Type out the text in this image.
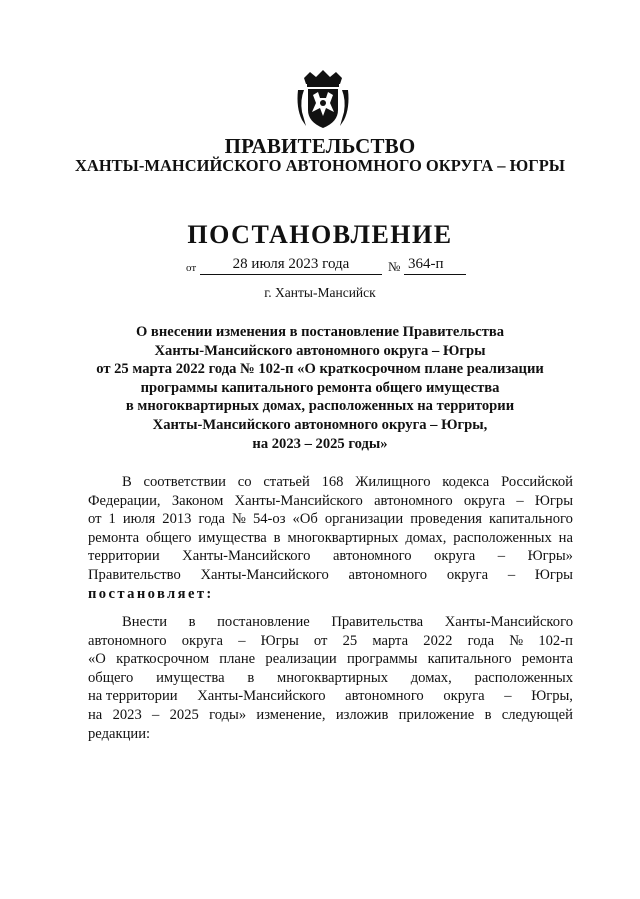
ПРАВИТЕЛЬСТВО
ХАНТЫ-МАНСИЙСКОГО АВТОНОМНОГО ОКРУГА – ЮГРЫ
ПОСТАНОВЛЕНИЕ
от	28 июля 2023 года	№ 364-п
г. Ханты-Мансийск
О внесении изменения в постановление Правительства
Ханты-Мансийского автономного округа – Югры
от 25 марта 2022 года № 102-п «О краткосрочном плане реализации
программы капитального ремонта общего имущества
в многоквартирных домах, расположенных на территории
Ханты-Мансийского автономного округа – Югры,
на 2023 – 2025 годы»
В соответствии со статьей 168 Жилищного кодекса Российской
Федерации, Законом Ханты-Мансийского автономного округа – Югры
от 1 июля 2013 года № 54-оз «Об организации проведения капитального
ремонта общего имущества в многоквартирных домах, расположенных на
территории Ханты-Мансийского автономного округа – Югры»
Правительство Ханты-Мансийского автономного округа – Югры
постановляет:
Внести в постановление Правительства Ханты-Мансийского
автономного округа – Югры от 25 марта 2022 года № 102-п
«О краткосрочном плане реализации программы капитального ремонта
общего имущества в многоквартирных домах, расположенных
на территории Ханты-Мансийского автономного округа – Югры,
на 2023 – 2025 годы» изменение, изложив приложение в следующей
редакции:
